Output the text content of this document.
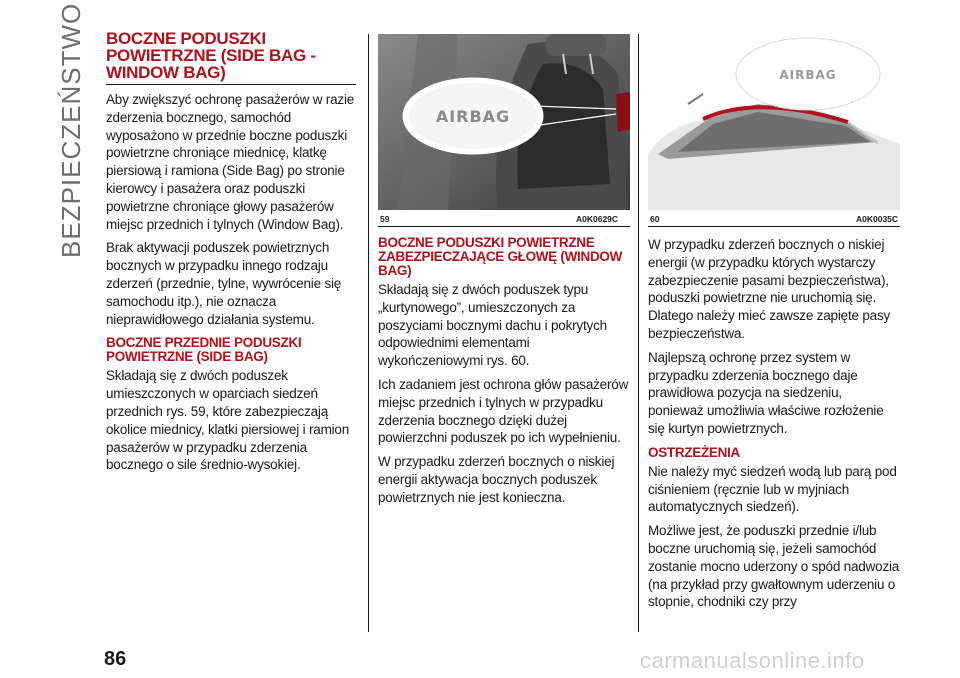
BEZPIECZEŃSTWO BOCZNE PODUSZKI POWIETRZNE (SIDE BAG - WINDOW BAG)

Aby zwiększyć ochronę pasażerów w razie zderzenia bocznego, samochód wyposażono w przednie boczne poduszki powietrzne chroniące miednicę, klatkę piersiową i ramiona (Side Bag) po stronie kierowcy i pasażera oraz poduszki powietrzne chroniące głowy pasażerów miejsc przednich i tylnych (Window Bag).

Brak aktywacji poduszek powietrznych bocznych w przypadku innego rodzaju zderzeń (przednie, tylne, wywrócenie się samochodu itp.), nie oznacza nieprawidłowego działania systemu.

BOCZNE PRZEDNIE PODUSZKI POWIETRZNE (SIDE BAG)

Składają się z dwóch poduszek umieszczonych w oparciach siedzeń przednich rys. 59, które zabezpieczają okolice miednicy, klatki piersiowej i ramion pasażerów w przypadku zderzenia bocznego o sile średnio-wysokiej.

AIRBAG
59	A0K0629C
AIRBAG
60	A0K0035C
BOCZNE PODUSZKI POWIETRZNE ZABEZPIECZAJĄCE GŁOWĘ (WINDOW BAG)

Składają się z dwóch poduszek typu „kurtynowego”, umieszczonych za poszyciami bocznymi dachu i pokrytych odpowiednimi elementami wykończeniowymi rys. 60.

Ich zadaniem jest ochrona głów pasażerów miejsc przednich i tylnych w przypadku zderzenia bocznego dzięki dużej powierzchni poduszek po ich wypełnieniu.

W przypadku zderzeń bocznych o niskiej energii aktywacja bocznych poduszek powietrznych nie jest konieczna.

W przypadku zderzeń bocznych o niskiej energii (w przypadku których wystarczy zabezpieczenie pasami bezpieczeństwa), poduszki powietrzne nie uruchomią się. Dlatego należy mieć zawsze zapięte pasy bezpieczeństwa.

Najlepszą ochronę przez system w przypadku zderzenia bocznego daje prawidłowa pozycja na siedzeniu, ponieważ umożliwia właściwe rozłożenie się kurtyn powietrznych.

OSTRZEŻENIA

Nie należy myć siedzeń wodą lub parą pod ciśnieniem (ręcznie lub w myjniach automatycznych siedzeń).

Możliwe jest, że poduszki przednie i/lub boczne uruchomią się, jeżeli samochód zostanie mocno uderzony o spód nadwozia (na przykład przy gwałtownym uderzeniu o stopnie, chodniki czy przy

86	carmanualsonline.info
